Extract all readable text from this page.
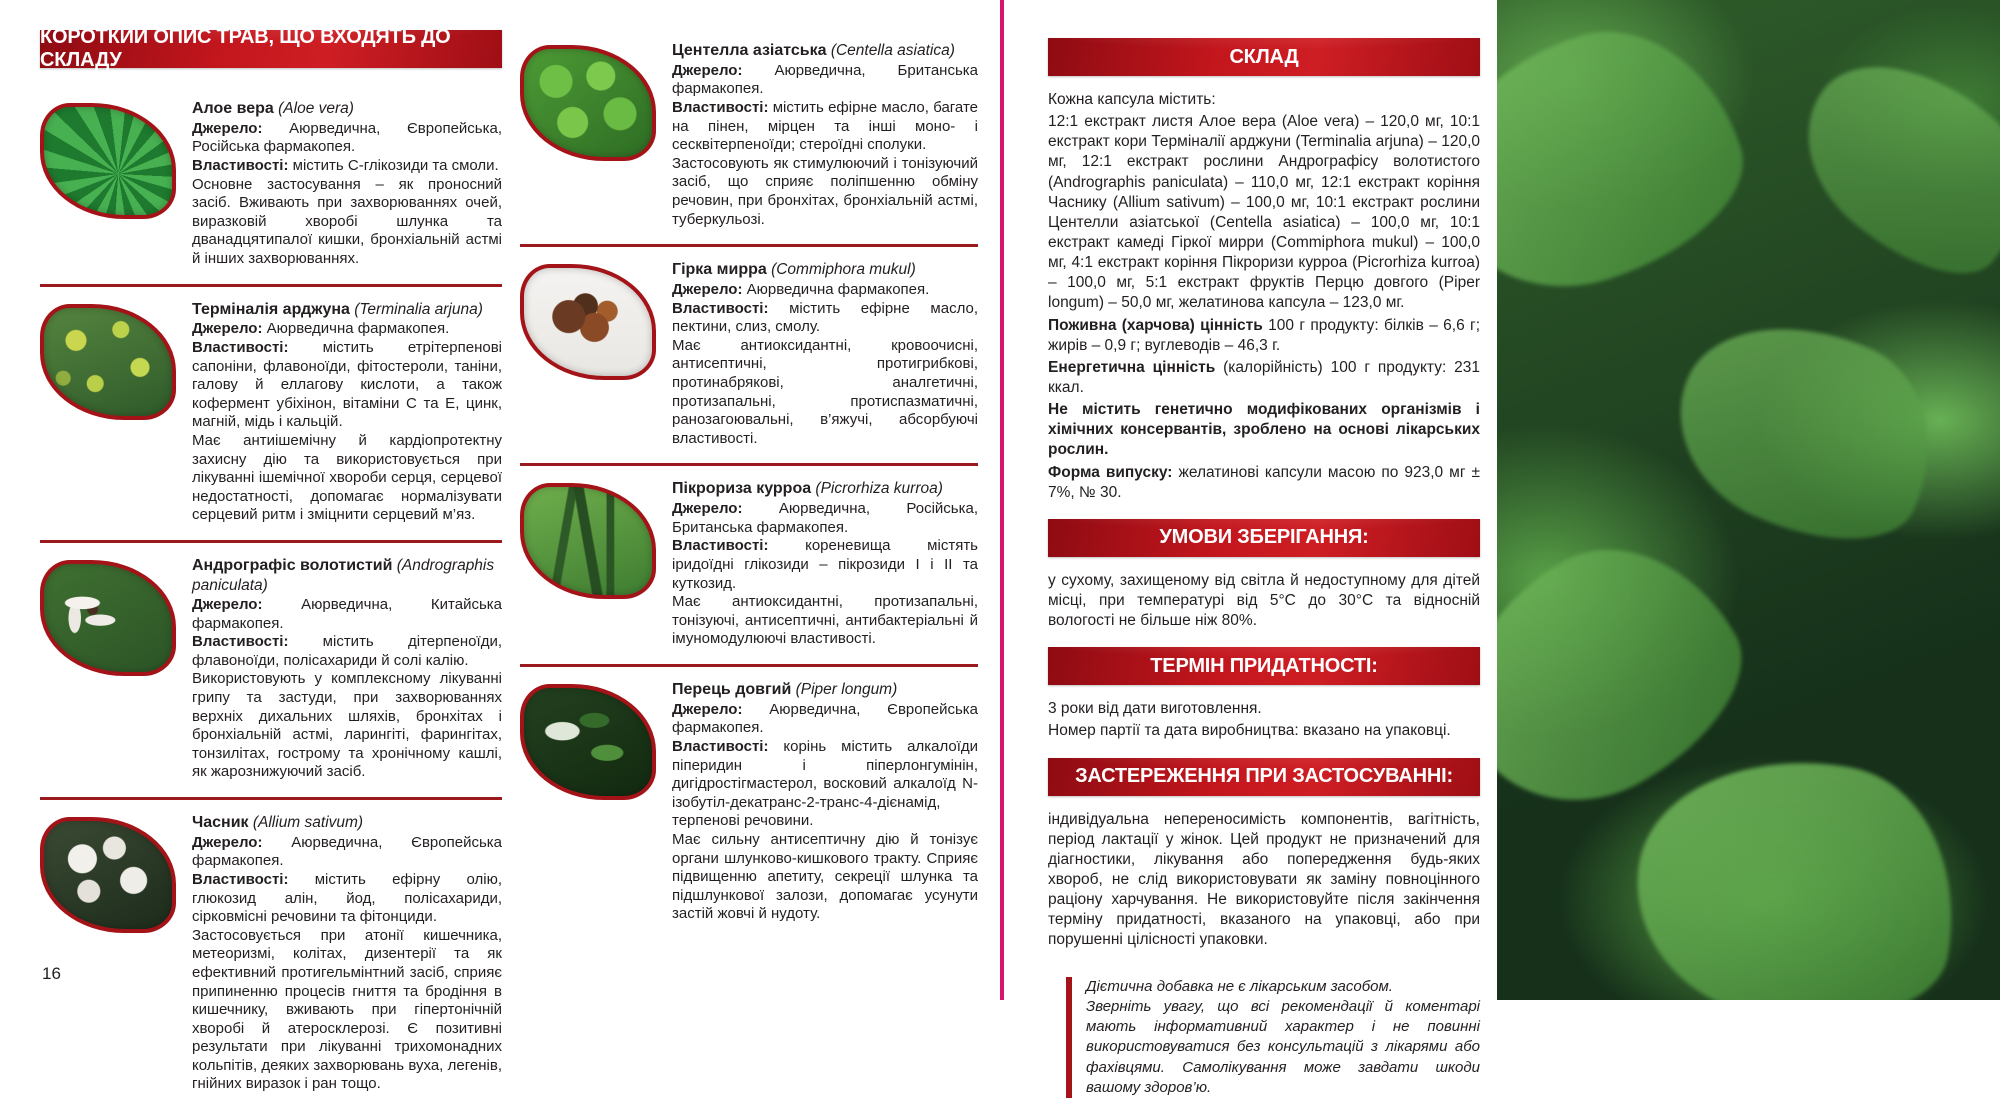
КОРОТКИЙ ОПИС ТРАВ, ЩО ВХОДЯТЬ ДО СКЛАДУ

Алое вера (Aloe vera)

Джерело: Аюрведична, Європейська, Російська фармакопея.

Властивості: містить С-глікозиди та смоли.

Основне застосування – як проносний засіб. Вживають при захворюваннях очей, виразковій хворобі шлунка та дванадцятипалої кишки, бронхіальній астмі й інших захворюваннях.

Терміналія арджуна (Terminalia arjuna)

Джерело: Аюрведична фармакопея.

Властивості: містить етрітерпенові сапоніни, флавоноїди, фітостероли, таніни, галову й еллагову кислоти, а також кофермент убіхінон, вітаміни С та Е, цинк, магній, мідь і кальцій.

Має антиішемічну й кардіопротектну захисну дію та використовується при лікуванні ішемічної хвороби серця, серцевої недостатності, допомагає нормалізувати серцевий ритм і зміцнити серцевий м’яз.

Андрографіс волотистий (Andrographis paniculata)

Джерело:	Аюрведична, Китайська фармакопея.

Властивості: містить дітерпеноїди, флавоноїди, полісахариди й солі калію.

Використовують у комплексному лікуванні грипу та застуди, при захворюваннях верхніх дихальних шляхів, бронхітах і бронхіальній астмі, ларингіті, фарингітах, тонзилітах, гострому та хронічному кашлі, як жарознижуючий засіб.

Часник (Allium sativum)

Джерело: Аюрведична, Європейська фармакопея.

Властивості: містить ефірну олію, глюкозид алін, йод, полісахариди, сірковмісні речовини та фітонциди.

Застосовується при атонії кишечника, метеоризмі, колітах, дизентерії та як ефективний протигельмінтний засіб, сприяє припиненню процесів гниття та бродіння в кишечнику, вживають при гіпертонічній хворобі й атеросклерозі. Є позитивні результати при лікуванні трихомонадних кольпітів, деяких захворювань вуха, легенів, гнійних виразок і ран тощо.

Центелла азіатська (Centella asiatica)

Джерело: Аюрведична, Британська фармакопея.

Властивості: містить ефірне масло, багате на пінен, мірцен та інші моно- і сесквітерпеноїди; стероїдні сполуки.

Застосовують як стимулюючий і тонізуючий засіб, що сприяє поліпшенню обміну речовин, при бронхітах, бронхіальній астмі, туберкульозі.

Гірка мирра (Commiphora mukul)

Джерело: Аюрведична фармакопея.

Властивості: містить ефірне масло, пектини, слиз, смолу.

Має антиоксидантні, кровоочисні, антисептичні, протигрибкові, протинабрякові, аналгетичні, протизапальні, протиспазматичні, ранозагоювальні, в’яжучі, абсорбуючі властивості.

Пікрориза курроа (Picrorhiza kurroa)

Джерело: Аюрведична, Російська, Британська фармакопея.

Властивості: кореневища містять іридоїдні глікозиди – пікрозиди I і II та куткозид.

Має антиоксидантні, протизапальні, тонізуючі, антисептичні, антибактеріальні й імуномодулюючі властивості.

Перець довгий (Piper longum)

Джерело: Аюрведична, Європейська фармакопея.

Властивості: корінь містить алкалоїди піперидин і піперлонгумінін, дигідростігмастерол, восковий алкалоїд N-ізобутіл-декатранс-2-транс-4-дієнамід, терпенові речовини.

Має сильну антисептичну дію й тонізує органи шлунково-кишкового тракту. Сприяє підвищенню апетиту, секреції шлунка та підшлункової залози, допомагає усунути застій жовчі й нудоту.

16
СКЛАД

Кожна капсула містить:

12:1 екстракт листя Алое вера (Aloe vera) – 120,0 мг, 10:1 екстракт кори Терміналії арджуни (Terminalia arjuna) – 120,0 мг, 12:1 екстракт рослини Андрографісу волотистого (Andrographis paniculata) – 110,0 мг, 12:1 екстракт коріння Часнику (Allium sativum) – 100,0 мг, 10:1 екстракт рослини Центелли азіатської (Centella asiatica) – 100,0 мг, 10:1 екстракт камеді Гіркої мирри (Commiphora mukul) – 100,0 мг, 4:1 екстракт коріння Пікроризи курроа (Picrorhiza kurroa) – 100,0 мг, 5:1 екстракт фруктів Перцю довгого (Piper longum) – 50,0 мг, желатинова капсула – 123,0 мг.

Поживна (харчова) цінність 100 г продукту: білків – 6,6 г; жирів – 0,9 г; вуглеводів – 46,3 г.

Енергетична цінність (калорійність) 100 г продукту: 231 ккал.

Не містить генетично модифікованих організмів і хімічних консервантів, зроблено на основі лікарських рослин.

Форма випуску: желатинові капсули масою по 923,0 мг ± 7%, № 30.

УМОВИ ЗБЕРІГАННЯ:

у сухому, захищеному від світла й недоступному для дітей місці, при температурі від 5°С до 30°С та відносній вологості не більше ніж 80%.

ТЕРМІН ПРИДАТНОСТІ:

3 роки від дати виготовлення.

Номер партії та дата виробництва: вказано на упаковці.

ЗАСТЕРЕЖЕННЯ ПРИ ЗАСТОСУВАННІ:

індивідуальна непереносимість компонентів, вагітність, період лактації у жінок. Цей продукт не призначений для діагностики, лікування або попередження будь-яких хвороб, не слід використовувати як заміну повноцінного раціону харчування. Не використовуйте після закінчення терміну придатності, вказаного на упаковці, або при порушенні цілісності упаковки.

Дієтична добавка не є лікарським засобом.

Зверніть увагу, що всі рекомендації й коментарі мають інформативний характер і не повинні використовуватися без консультацій з лікарями або фахівцями. Самолікування може завдати шкоди вашому здоров’ю.
